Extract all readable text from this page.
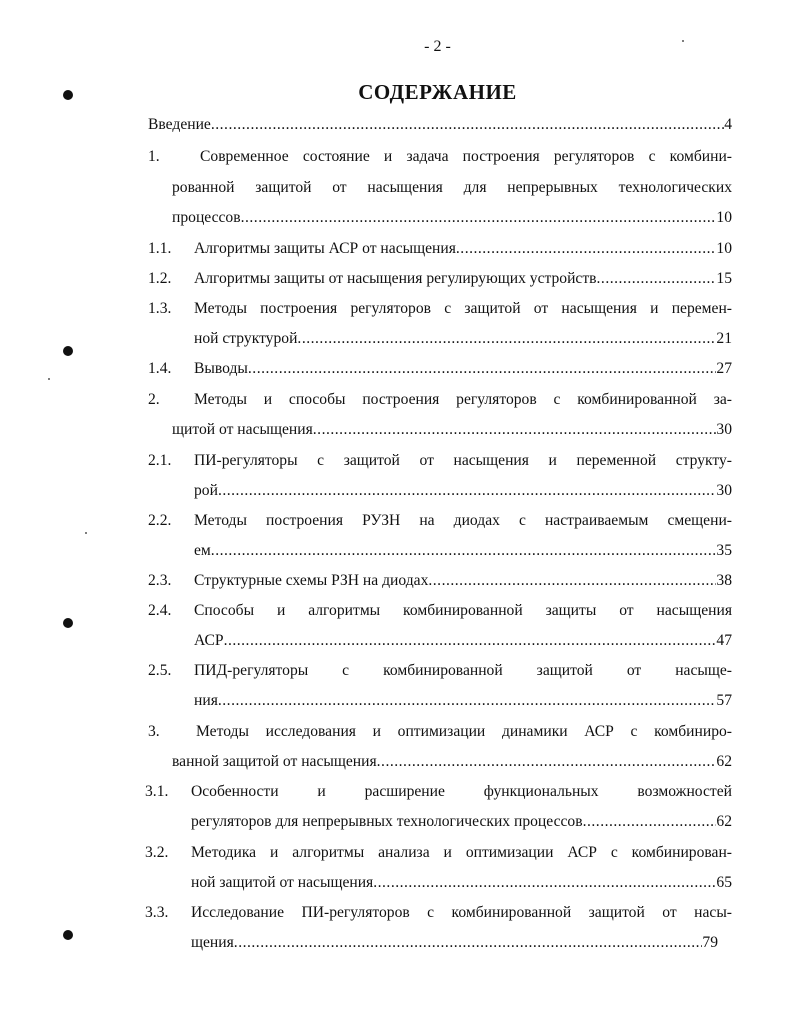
- 2 -
СОДЕРЖАНИЕ
Введение .....	4
1.	Современное состояние и задача построения регуляторов с комбини-
рованной защитой от насыщения для непрерывных технологических
процессов .....	10
1.1. Алгоритмы защиты АСР от насыщения .....	10
1.2. Алгоритмы защиты от насыщения регулирующих устройств .....	15
1.3. Методы построения регуляторов с защитой от насыщения и перемен-
ной структурой .....	21
1.4. Выводы .....	27
2. Методы и способы построения регуляторов с комбинированной за-
щитой от насыщения .....	30
2.1. ПИ-регуляторы с защитой от насыщения и переменной структу-
рой .....	30
2.2. Методы построения РУЗН на диодах с настраиваемым смещени-
ем .....	35
2.3. Структурные схемы РЗН на диодах .....	38
2.4. Способы и алгоритмы комбинированной защиты от насыщения
АСР .....	47
2.5. ПИД-регуляторы с комбинированной защитой от насыще-
ния .....	57
3. Методы исследования и оптимизации динамики АСР с комбиниро-
ванной защитой от насыщения .....	62
3.1. Особенности и расширение функциональных возможностей
регуляторов для непрерывных технологических процессов .....	62
3.2. Методика и алгоритмы анализа и оптимизации АСР с комбинирован-
ной защитой от насыщения .....	65
3.3. Исследование ПИ-регуляторов с комбинированной защитой от насы-
щения .....	79
